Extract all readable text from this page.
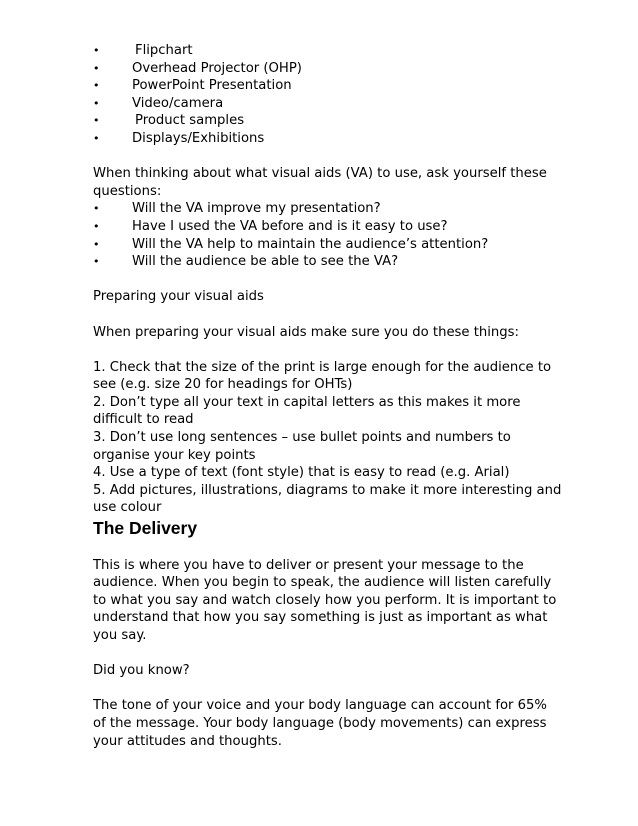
•	Flipchart
• Overhead Projector (OHP)
• PowerPoint Presentation
• Video/camera
•	Product samples
• Displays/Exhibitions

When thinking about what visual aids (VA) to use, ask yourself these questions:

• Will the VA improve my presentation?
• Have I used the VA before and is it easy to use?
• Will the VA help to maintain the audience’s attention?
• Will the audience be able to see the VA?

Preparing your visual aids

When preparing your visual aids make sure you do these things:

1. Check that the size of the print is large enough for the audience to see (e.g. size 20 for headings for OHTs)

2. Don’t type all your text in capital letters as this makes it more difficult to read

3. Don’t use long sentences – use bullet points and numbers to organise your key points

4. Use a type of text (font style) that is easy to read (e.g. Arial)

5. Add pictures, illustrations, diagrams to make it more interesting and use colour

The Delivery

This is where you have to deliver or present your message to the audience. When you begin to speak, the audience will listen carefully to what you say and watch closely how you perform. It is important to understand that how you say something is just as important as what you say.

Did you know?

The tone of your voice and your body language can account for 65% of the message. Your body language (body movements) can express your attitudes and thoughts.
